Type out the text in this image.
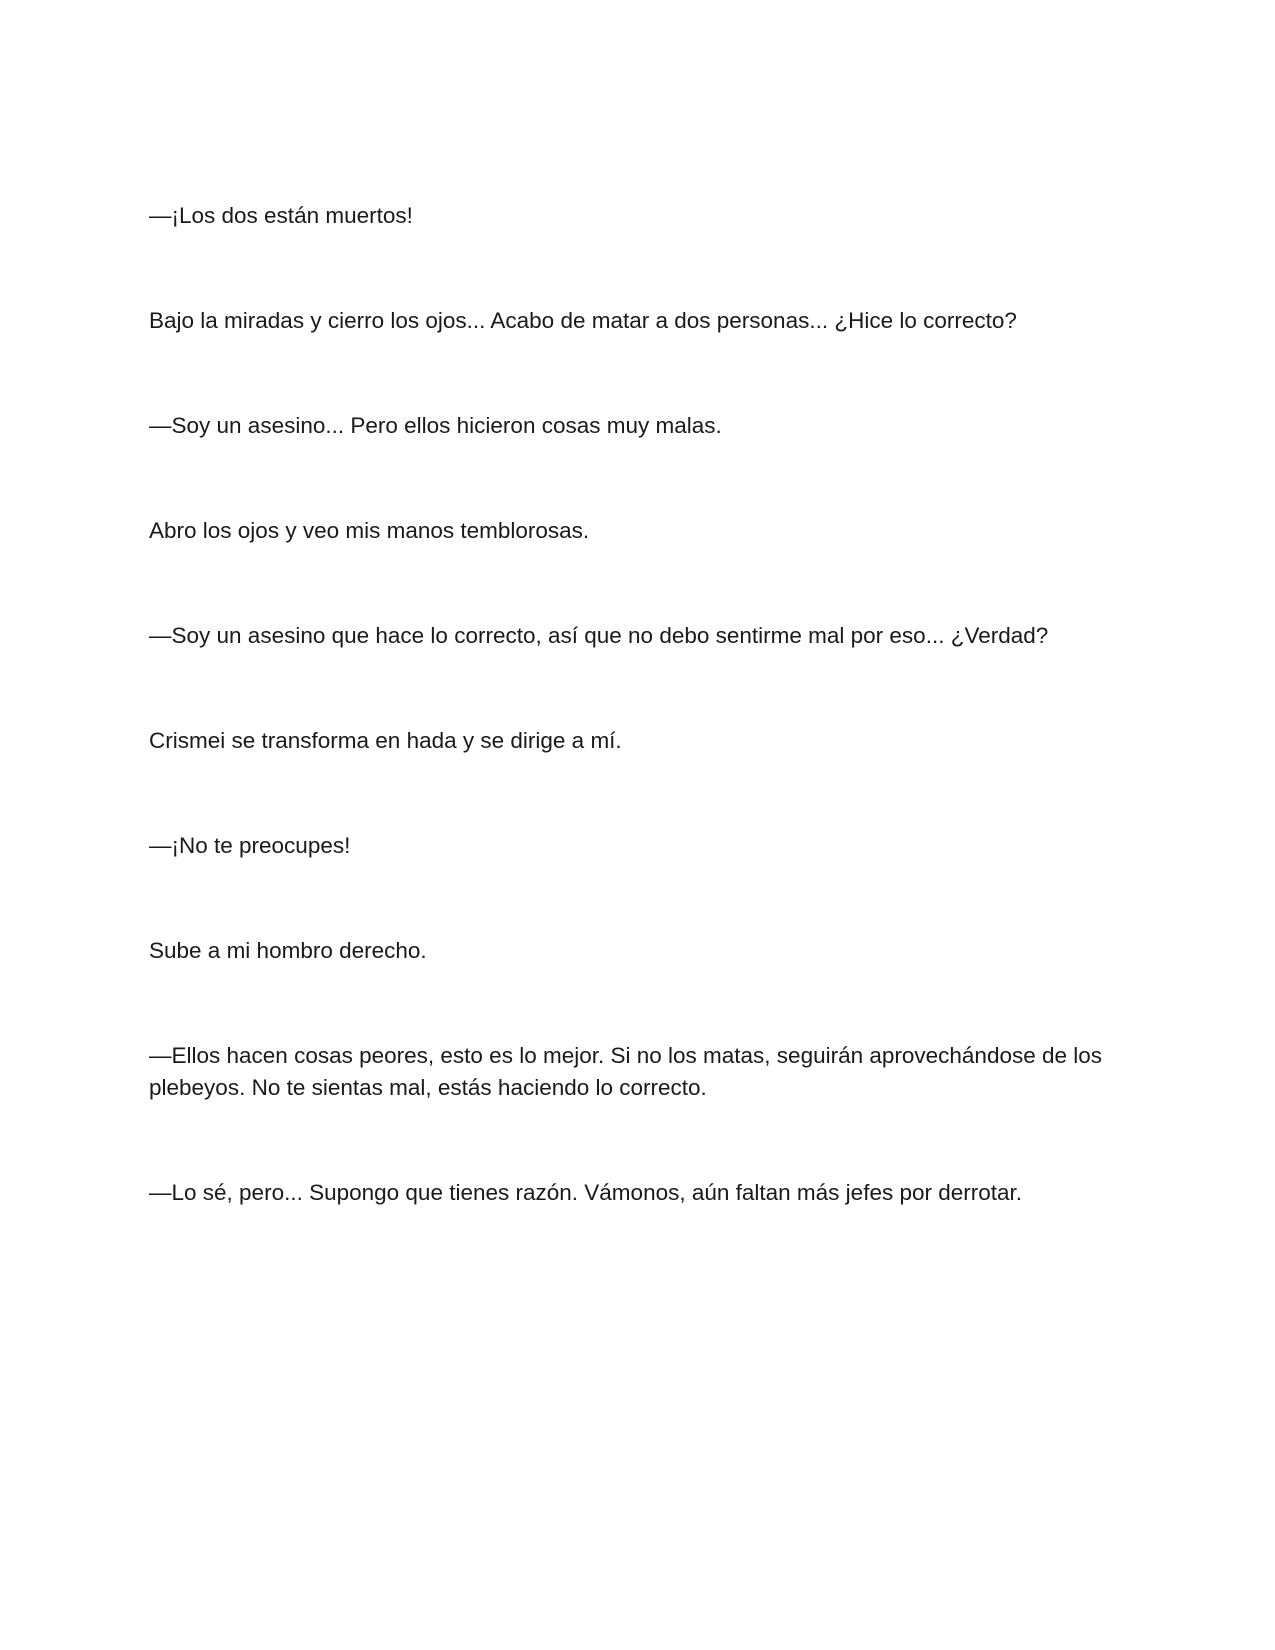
—¡Los dos están muertos!

Bajo la miradas y cierro los ojos... Acabo de matar a dos personas... ¿Hice lo correcto?

—Soy un asesino... Pero ellos hicieron cosas muy malas.

Abro los ojos y veo mis manos temblorosas.

—Soy un asesino que hace lo correcto, así que no debo sentirme mal por eso... ¿Verdad?

Crismei se transforma en hada y se dirige a mí.

—¡No te preocupes!

Sube a mi hombro derecho.

—Ellos hacen cosas peores, esto es lo mejor. Si no los matas, seguirán aprovechándose de los plebeyos. No te sientas mal, estás haciendo lo correcto.

—Lo sé, pero... Supongo que tienes razón. Vámonos, aún faltan más jefes por derrotar.
